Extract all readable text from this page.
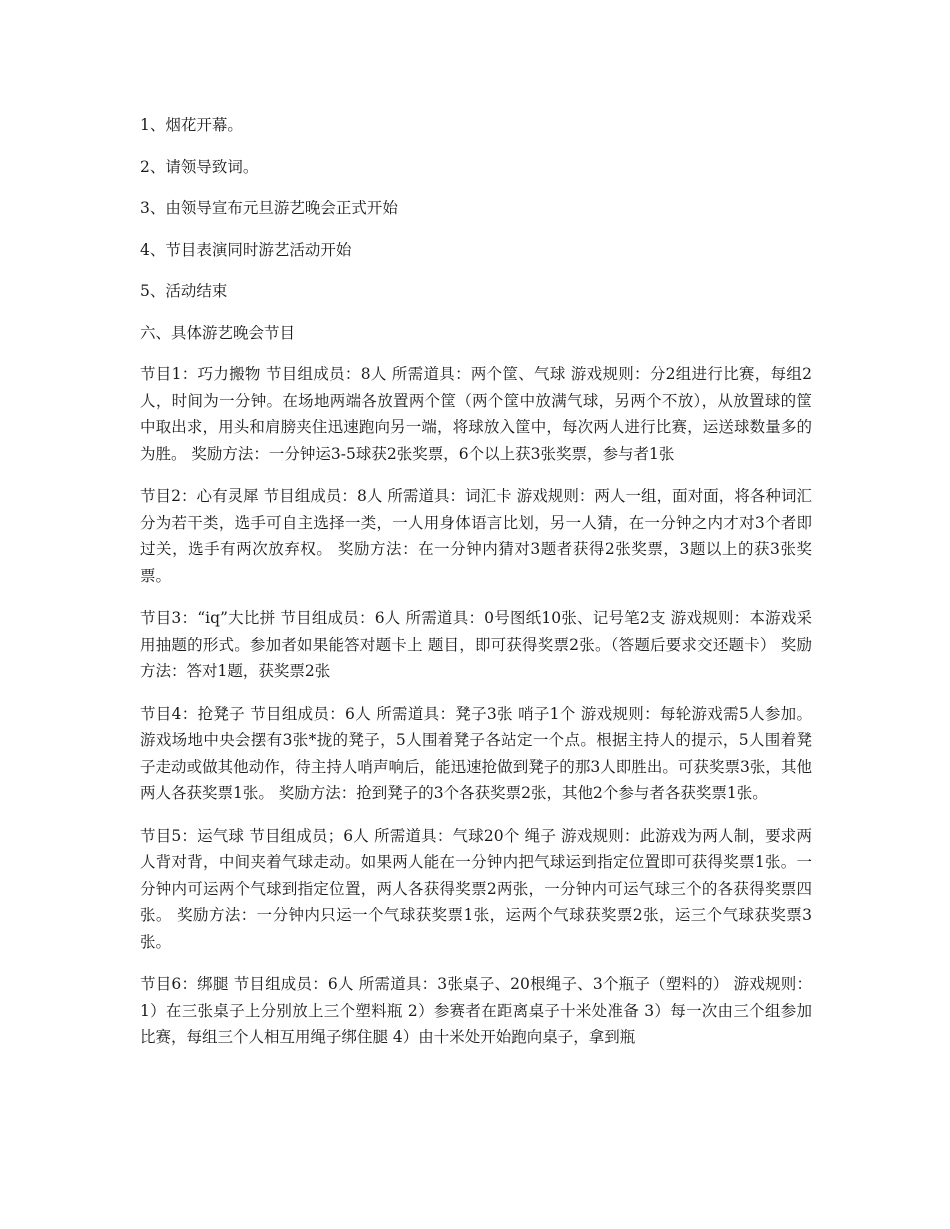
1、烟花开幕。

2、请领导致词。

3、由领导宣布元旦游艺晚会正式开始

4、节目表演同时游艺活动开始

5、活动结束

六、具体游艺晚会节目

节目1：巧力搬物 节目组成员：8人 所需道具：两个筐、气球 游戏规则：分2组进行比赛，每组2人，时间为一分钟。在场地两端各放置两个筐（两个筐中放满气球，另两个不放），从放置球的筐中取出求，用头和肩膀夹住迅速跑向另一端，将球放入筐中，每次两人进行比赛，运送球数量多的为胜。 奖励方法：一分钟运3-5球获2张奖票，6个以上获3张奖票，参与者1张

节目2：心有灵犀 节目组成员：8人 所需道具：词汇卡 游戏规则：两人一组，面对面，将各种词汇分为若干类，选手可自主选择一类，一人用身体语言比划，另一人猜，在一分钟之内才对3个者即过关，选手有两次放弃权。 奖励方法：在一分钟内猜对3题者获得2张奖票，3题以上的获3张奖票。

节目3：“iq”大比拼 节目组成员：6人 所需道具：0号图纸10张、记号笔2支 游戏规则：本游戏采用抽题的形式。参加者如果能答对题卡上 题目，即可获得奖票2张。（答题后要求交还题卡） 奖励方法：答对1题，获奖票2张

节目4：抢凳子 节目组成员：6人 所需道具：凳子3张 哨子1个 游戏规则：每轮游戏需5人参加。游戏场地中央会摆有3张*拢的凳子，5人围着凳子各站定一个点。根据主持人的提示，5人围着凳子走动或做其他动作，待主持人哨声响后，能迅速抢做到凳子的那3人即胜出。可获奖票3张，其他两人各获奖票1张。 奖励方法：抢到凳子的3个各获奖票2张，其他2个参与者各获奖票1张。

节目5：运气球 节目组成员；6人 所需道具：气球20个 绳子 游戏规则：此游戏为两人制，要求两人背对背，中间夹着气球走动。如果两人能在一分钟内把气球运到指定位置即可获得奖票1张。一分钟内可运两个气球到指定位置，两人各获得奖票2两张，一分钟内可运气球三个的各获得奖票四张。 奖励方法：一分钟内只运一个气球获奖票1张，运两个气球获奖票2张，运三个气球获奖票3张。

节目6：绑腿 节目组成员：6人 所需道具：3张桌子、20根绳子、3个瓶子（塑料的） 游戏规则：1）在三张桌子上分别放上三个塑料瓶 2）参赛者在距离桌子十米处准备 3）每一次由三个组参加比赛，每组三个人相互用绳子绑住腿 4）由十米处开始跑向桌子，拿到瓶
